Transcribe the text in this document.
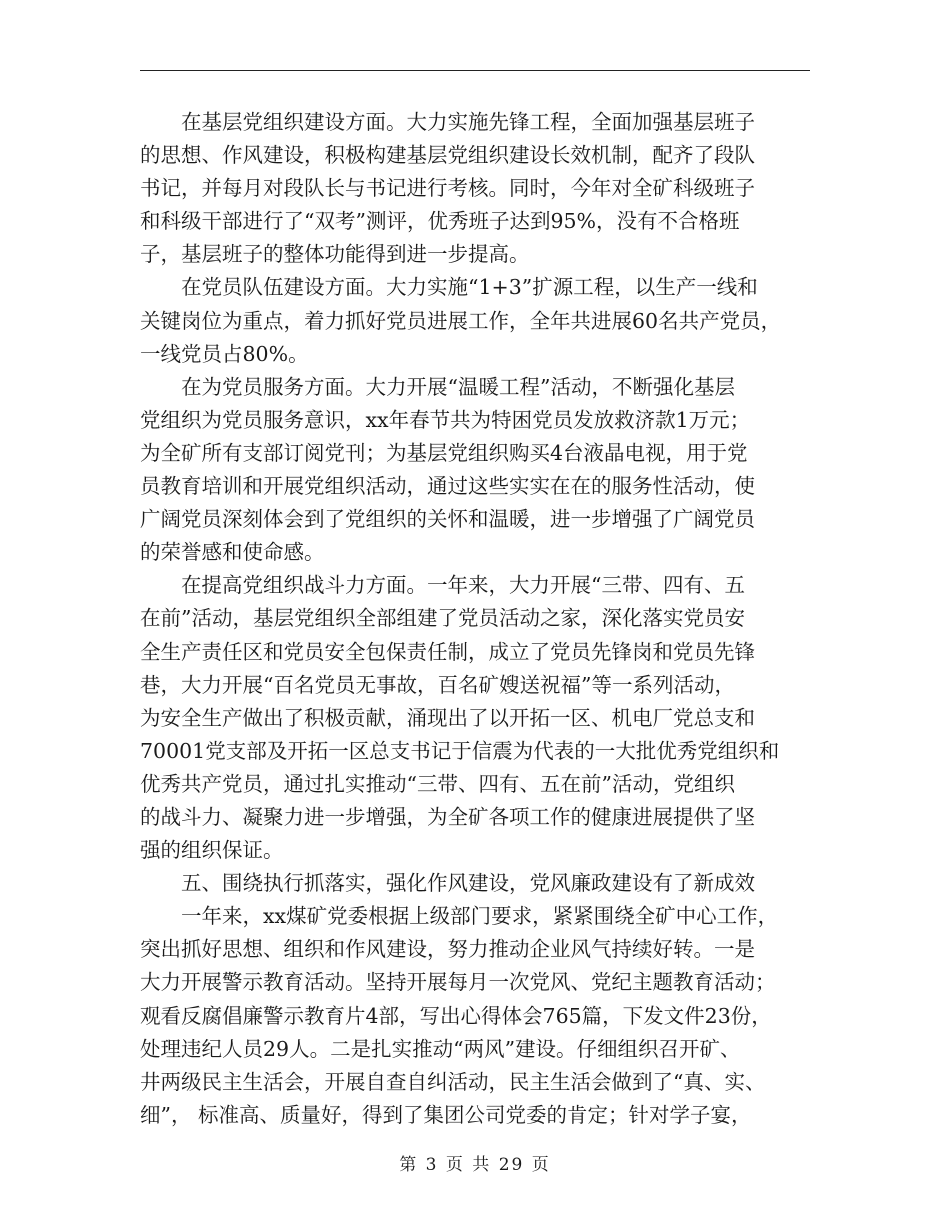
　　在基层党组织建设方面。大力实施先锋工程，全面加强基层班子
的思想、作风建设，积极构建基层党组织建设长效机制，配齐了段队
书记，并每月对段队长与书记进行考核。同时，今年对全矿科级班子
和科级干部进行了“双考”测评，优秀班子达到95%，没有不合格班
子，基层班子的整体功能得到进一步提高。
　　在党员队伍建设方面。大力实施“1+3”扩源工程，以生产一线和
关键岗位为重点，着力抓好党员进展工作，全年共进展60名共产党员，
一线党员占80%。
　　在为党员服务方面。大力开展“温暖工程”活动，不断强化基层
党组织为党员服务意识，xx年春节共为特困党员发放救济款1万元；
为全矿所有支部订阅党刊；为基层党组织购买4台液晶电视，用于党
员教育培训和开展党组织活动，通过这些实实在在的服务性活动，使
广阔党员深刻体会到了党组织的关怀和温暖，进一步增强了广阔党员
的荣誉感和使命感。
　　在提高党组织战斗力方面。一年来，大力开展“三带、四有、五
在前”活动，基层党组织全部组建了党员活动之家，深化落实党员安
全生产责任区和党员安全包保责任制，成立了党员先锋岗和党员先锋
巷，大力开展“百名党员无事故，百名矿嫂送祝福”等一系列活动，
为安全生产做出了积极贡献，涌现出了以开拓一区、机电厂党总支和
70001党支部及开拓一区总支书记于信震为代表的一大批优秀党组织和
优秀共产党员，通过扎实推动“三带、四有、五在前”活动，党组织
的战斗力、凝聚力进一步增强，为全矿各项工作的健康进展提供了坚
强的组织保证。
　　五、围绕执行抓落实，强化作风建设，党风廉政建设有了新成效
　　一年来，xx煤矿党委根据上级部门要求，紧紧围绕全矿中心工作，
突出抓好思想、组织和作风建设，努力推动企业风气持续好转。一是
大力开展警示教育活动。坚持开展每月一次党风、党纪主题教育活动；
观看反腐倡廉警示教育片4部，写出心得体会765篇，下发文件23份，
处理违纪人员29人。二是扎实推动“两风”建设。仔细组织召开矿、
井两级民主生活会，开展自查自纠活动，民主生活会做到了“真、实、
细”， 标准高、质量好，得到了集团公司党委的肯定；针对学子宴，
第 3 页 共 29 页
